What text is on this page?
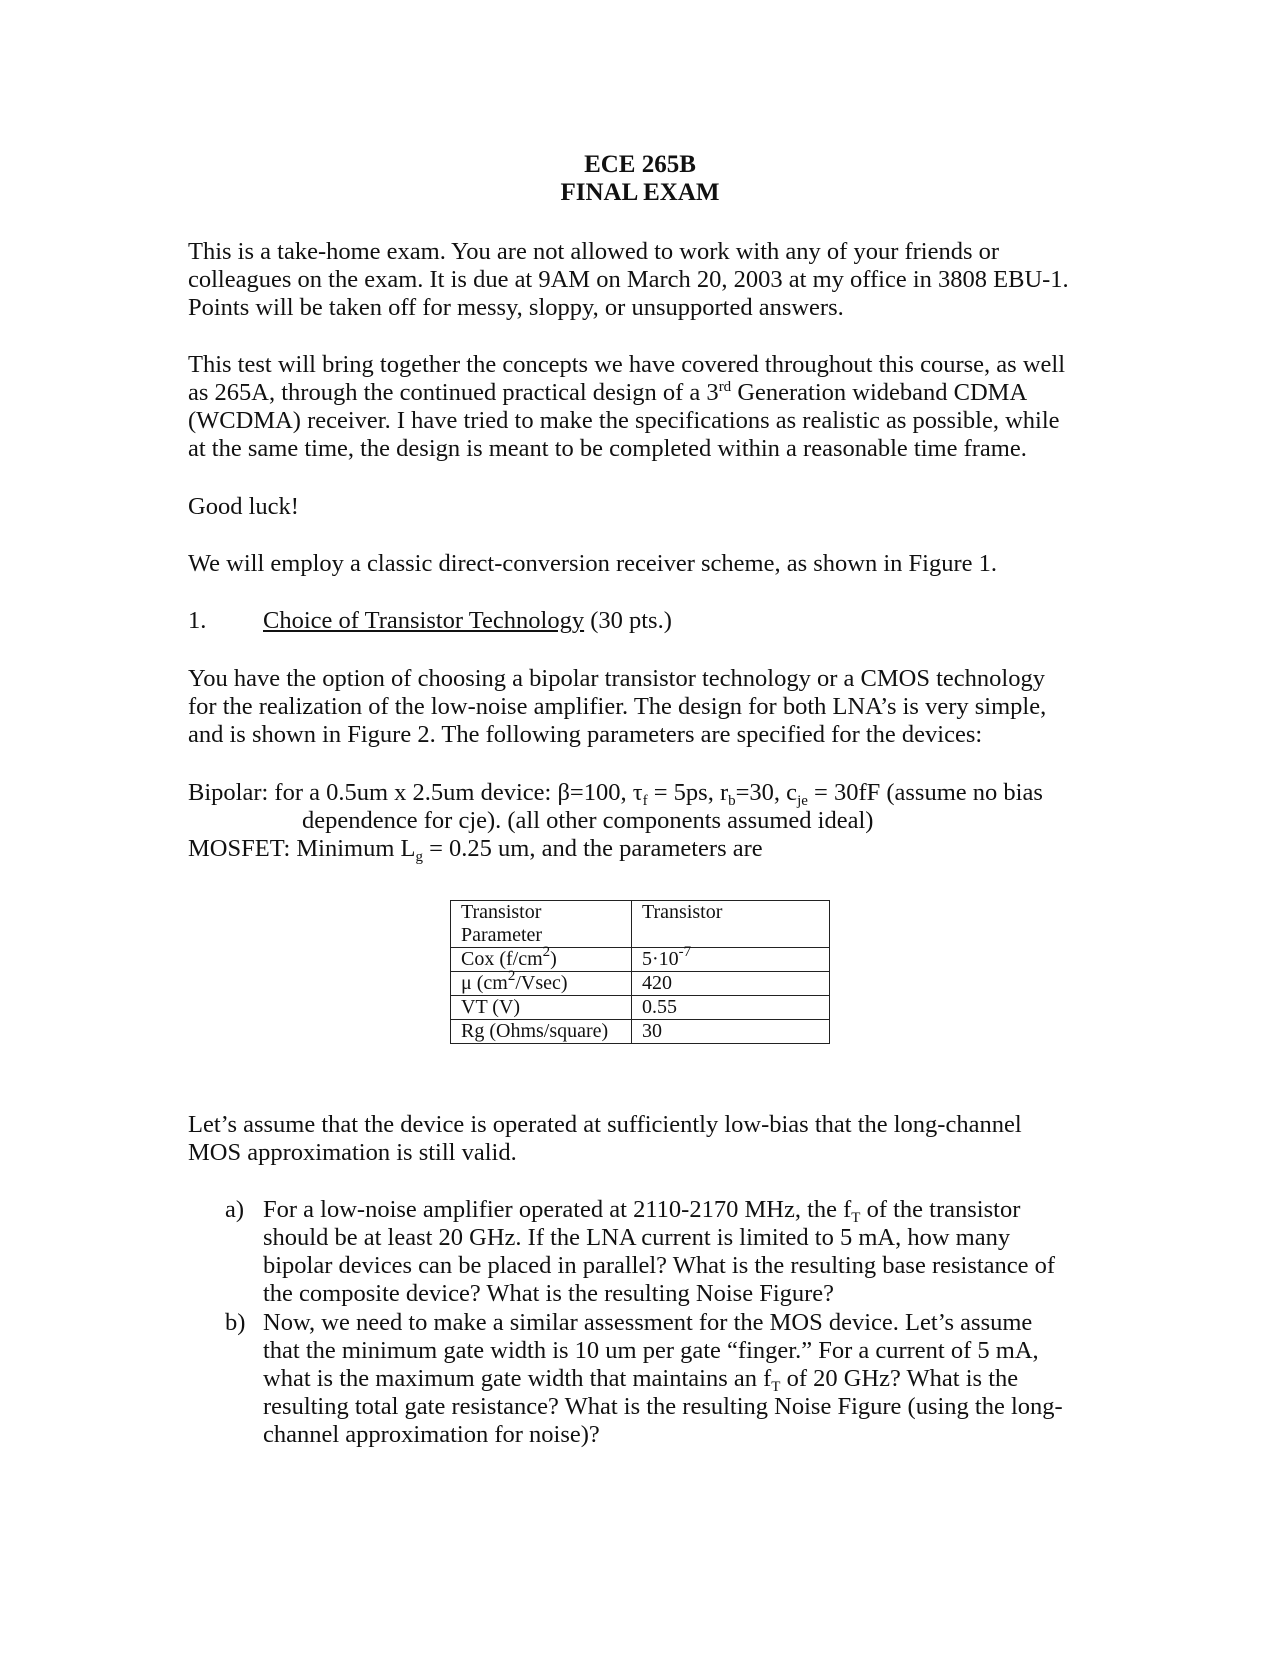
ECE 265B
FINAL EXAM
This is a take-home exam. You are not allowed to work with any of your friends or
colleagues on the exam. It is due at 9AM on March 20, 2003 at my office in 3808 EBU-1.
Points will be taken off for messy, sloppy, or unsupported answers.
This test will bring together the concepts we have covered throughout this course, as well
as 265A, through the continued practical design of a 3rd Generation wideband CDMA
(WCDMA) receiver. I have tried to make the specifications as realistic as possible, while
at the same time, the design is meant to be completed within a reasonable time frame.
Good luck!
We will employ a classic direct-conversion receiver scheme, as shown in Figure 1.
1. Choice of Transistor Technology (30 pts.)
You have the option of choosing a bipolar transistor technology or a CMOS technology
for the realization of the low-noise amplifier. The design for both LNA’s is very simple,
and is shown in Figure 2. The following parameters are specified for the devices:
Bipolar: for a 0.5um x 2.5um device: β=100, $\tau_f = 5ps$, $r_b=30$, $c_{je} = 30fF$ (assume no bias
dependence for cje). (all other components assumed ideal)
MOSFET: Minimum $L_g = 0.25$ um, and the parameters are
Transistor
Parameter	Transistor
Cox $(f/cm^2)$	$5\cdot 10^{-7}$
μ $(cm^2/Vsec)$	420
VT (V)	0.55
Rg (Ohms/square)	30
Let’s assume that the device is operated at sufficiently low-bias that the long-channel
MOS approximation is still valid.
a) For a low-noise amplifier operated at 2110-2170 MHz, the $f_T$ of the transistor
should be at least 20 GHz. If the LNA current is limited to 5 mA, how many
bipolar devices can be placed in parallel? What is the resulting base resistance of
the composite device? What is the resulting Noise Figure?
b) Now, we need to make a similar assessment for the MOS device. Let’s assume
that the minimum gate width is 10 um per gate “finger.” For a current of 5 mA,
what is the maximum gate width that maintains an $f_T$ of 20 GHz? What is the
resulting total gate resistance? What is the resulting Noise Figure (using the long-
channel approximation for noise)?
